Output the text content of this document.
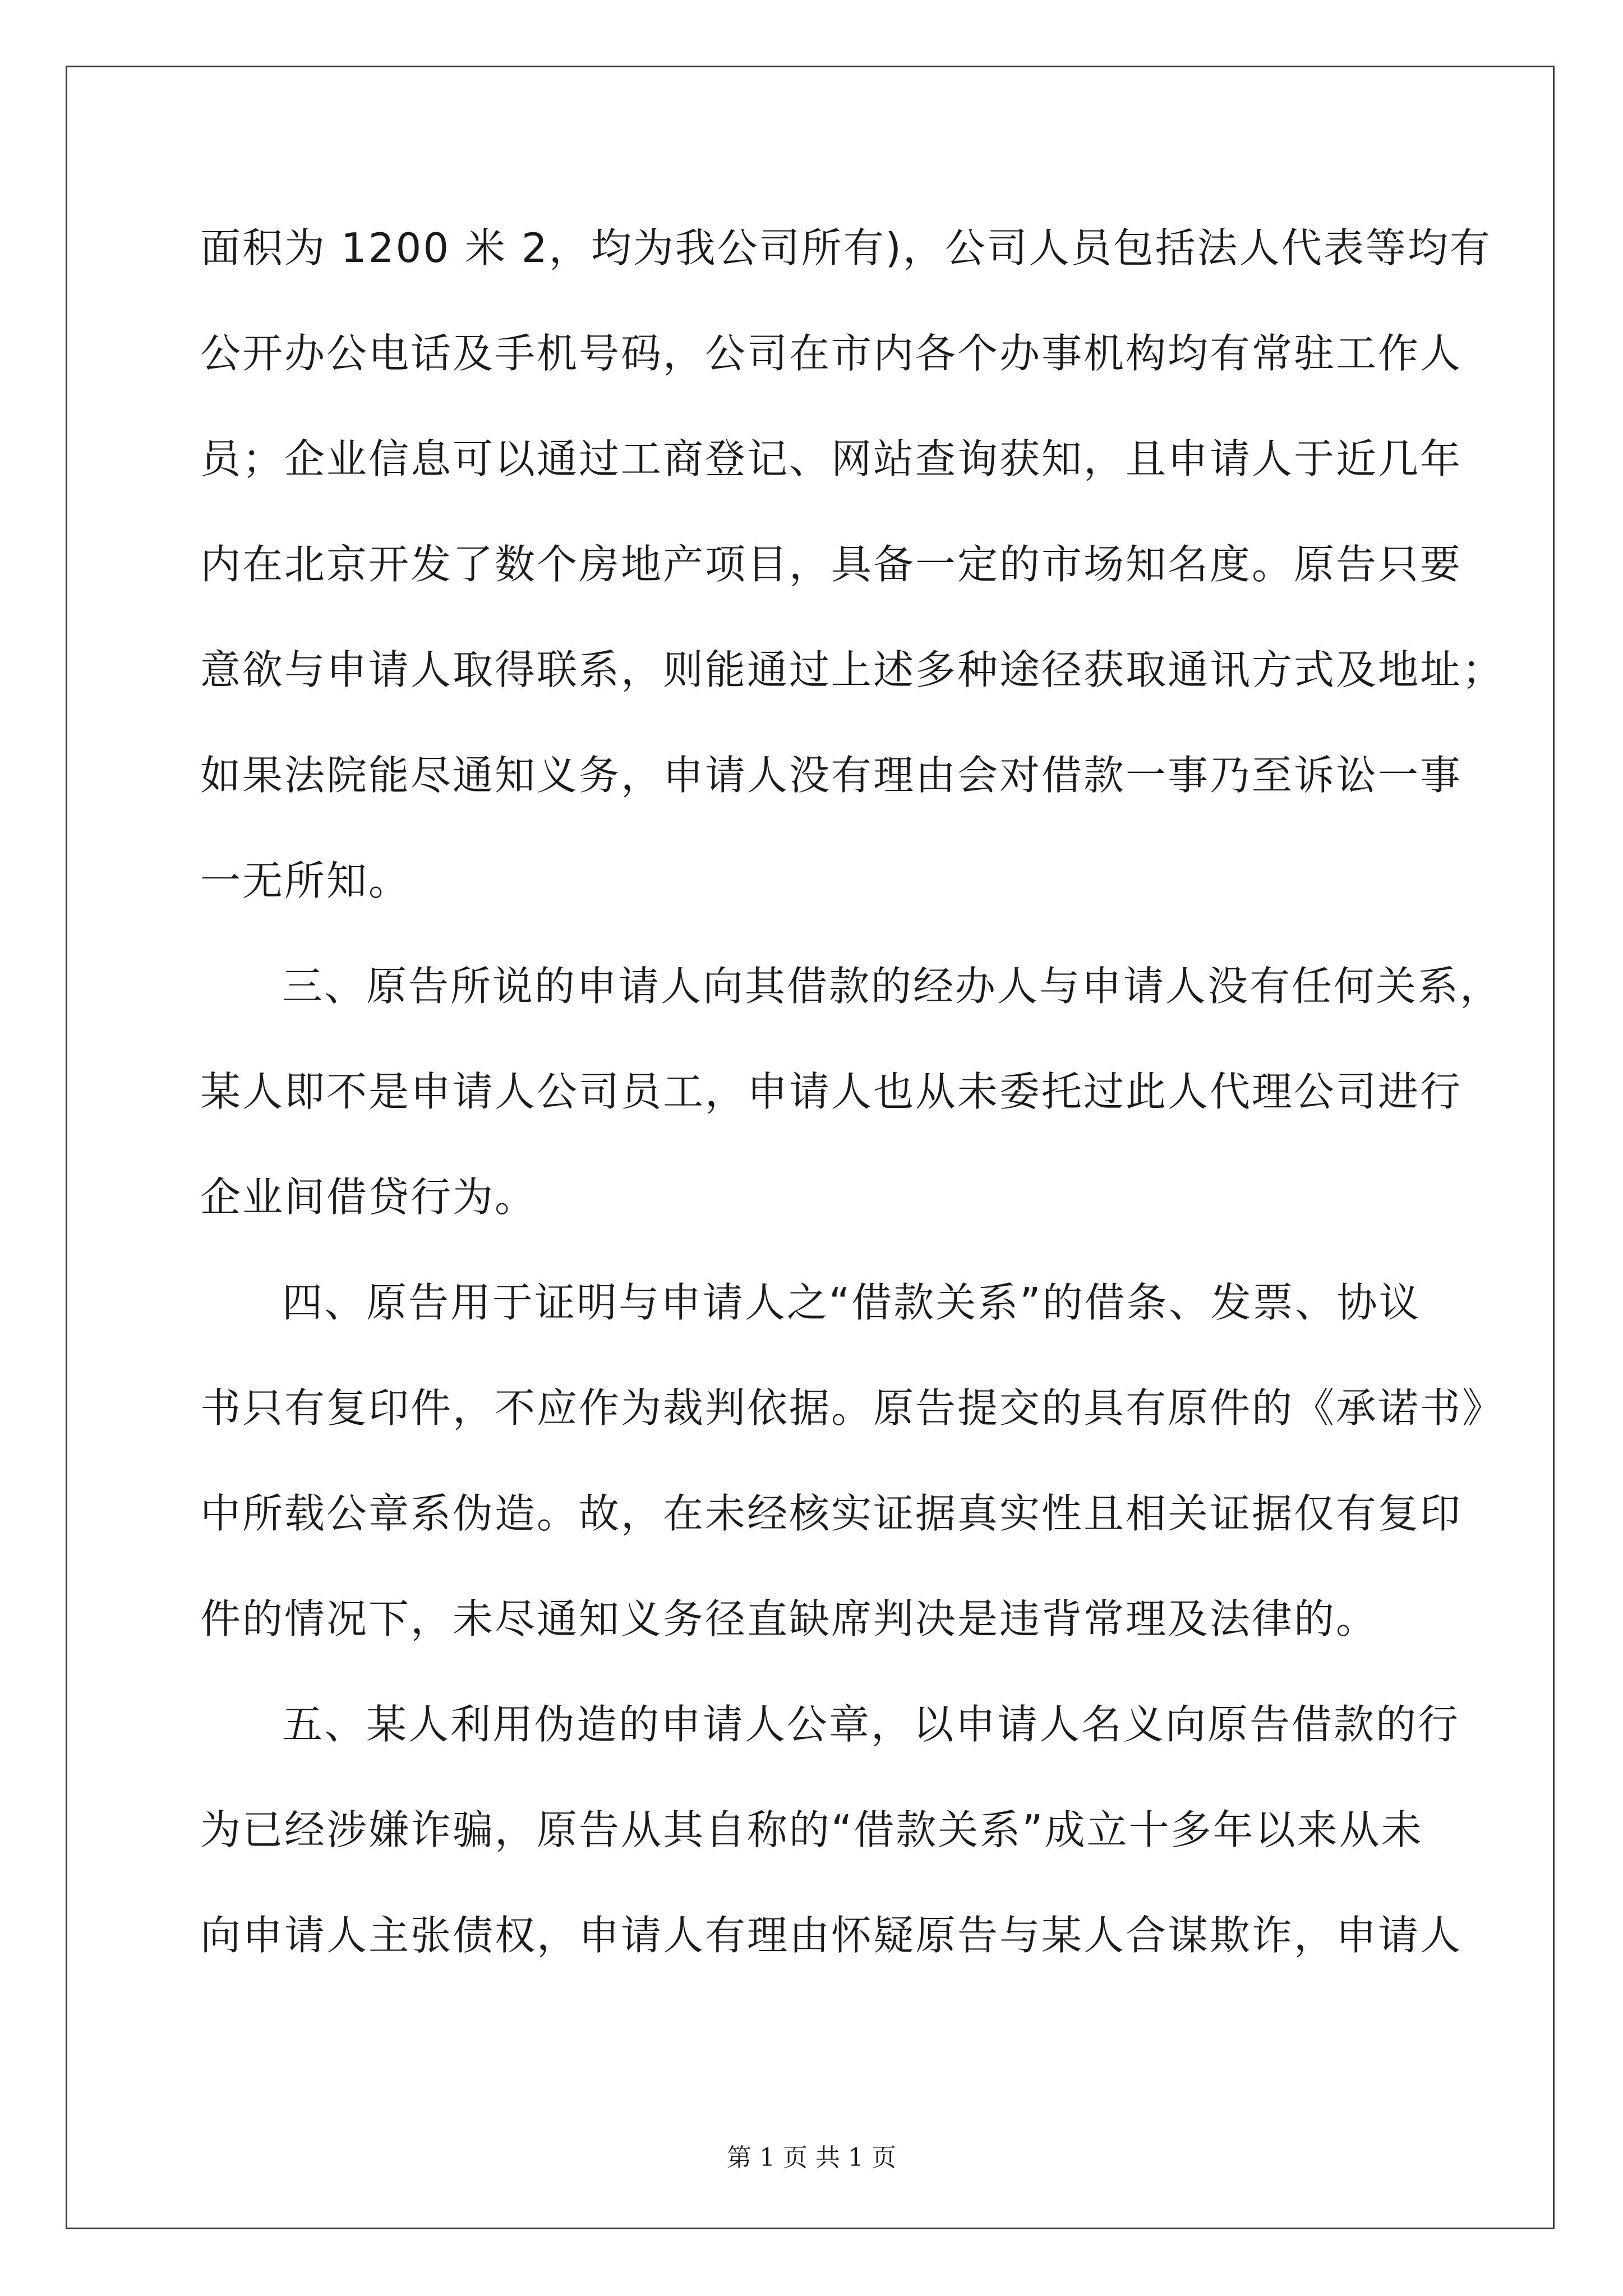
面积为 1200 米 2，均为我公司所有)，公司人员包括法人代表等均有
公开办公电话及手机号码，公司在市内各个办事机构均有常驻工作人
员；企业信息可以通过工商登记、网站查询获知，且申请人于近几年
内在北京开发了数个房地产项目，具备一定的市场知名度。原告只要
意欲与申请人取得联系，则能通过上述多种途径获取通讯方式及地址；
如果法院能尽通知义务，申请人没有理由会对借款一事乃至诉讼一事
一无所知。
三、原告所说的申请人向其借款的经办人与申请人没有任何关系，
某人即不是申请人公司员工，申请人也从未委托过此人代理公司进行
企业间借贷行为。
四、原告用于证明与申请人之“借款关系”的借条、发票、协议
书只有复印件，不应作为裁判依据。原告提交的具有原件的《承诺书》
中所载公章系伪造。故，在未经核实证据真实性且相关证据仅有复印
件的情况下，未尽通知义务径直缺席判决是违背常理及法律的。
五、某人利用伪造的申请人公章，以申请人名义向原告借款的行
为已经涉嫌诈骗，原告从其自称的“借款关系”成立十多年以来从未
向申请人主张债权，申请人有理由怀疑原告与某人合谋欺诈，申请人
第 1 页 共 1 页
